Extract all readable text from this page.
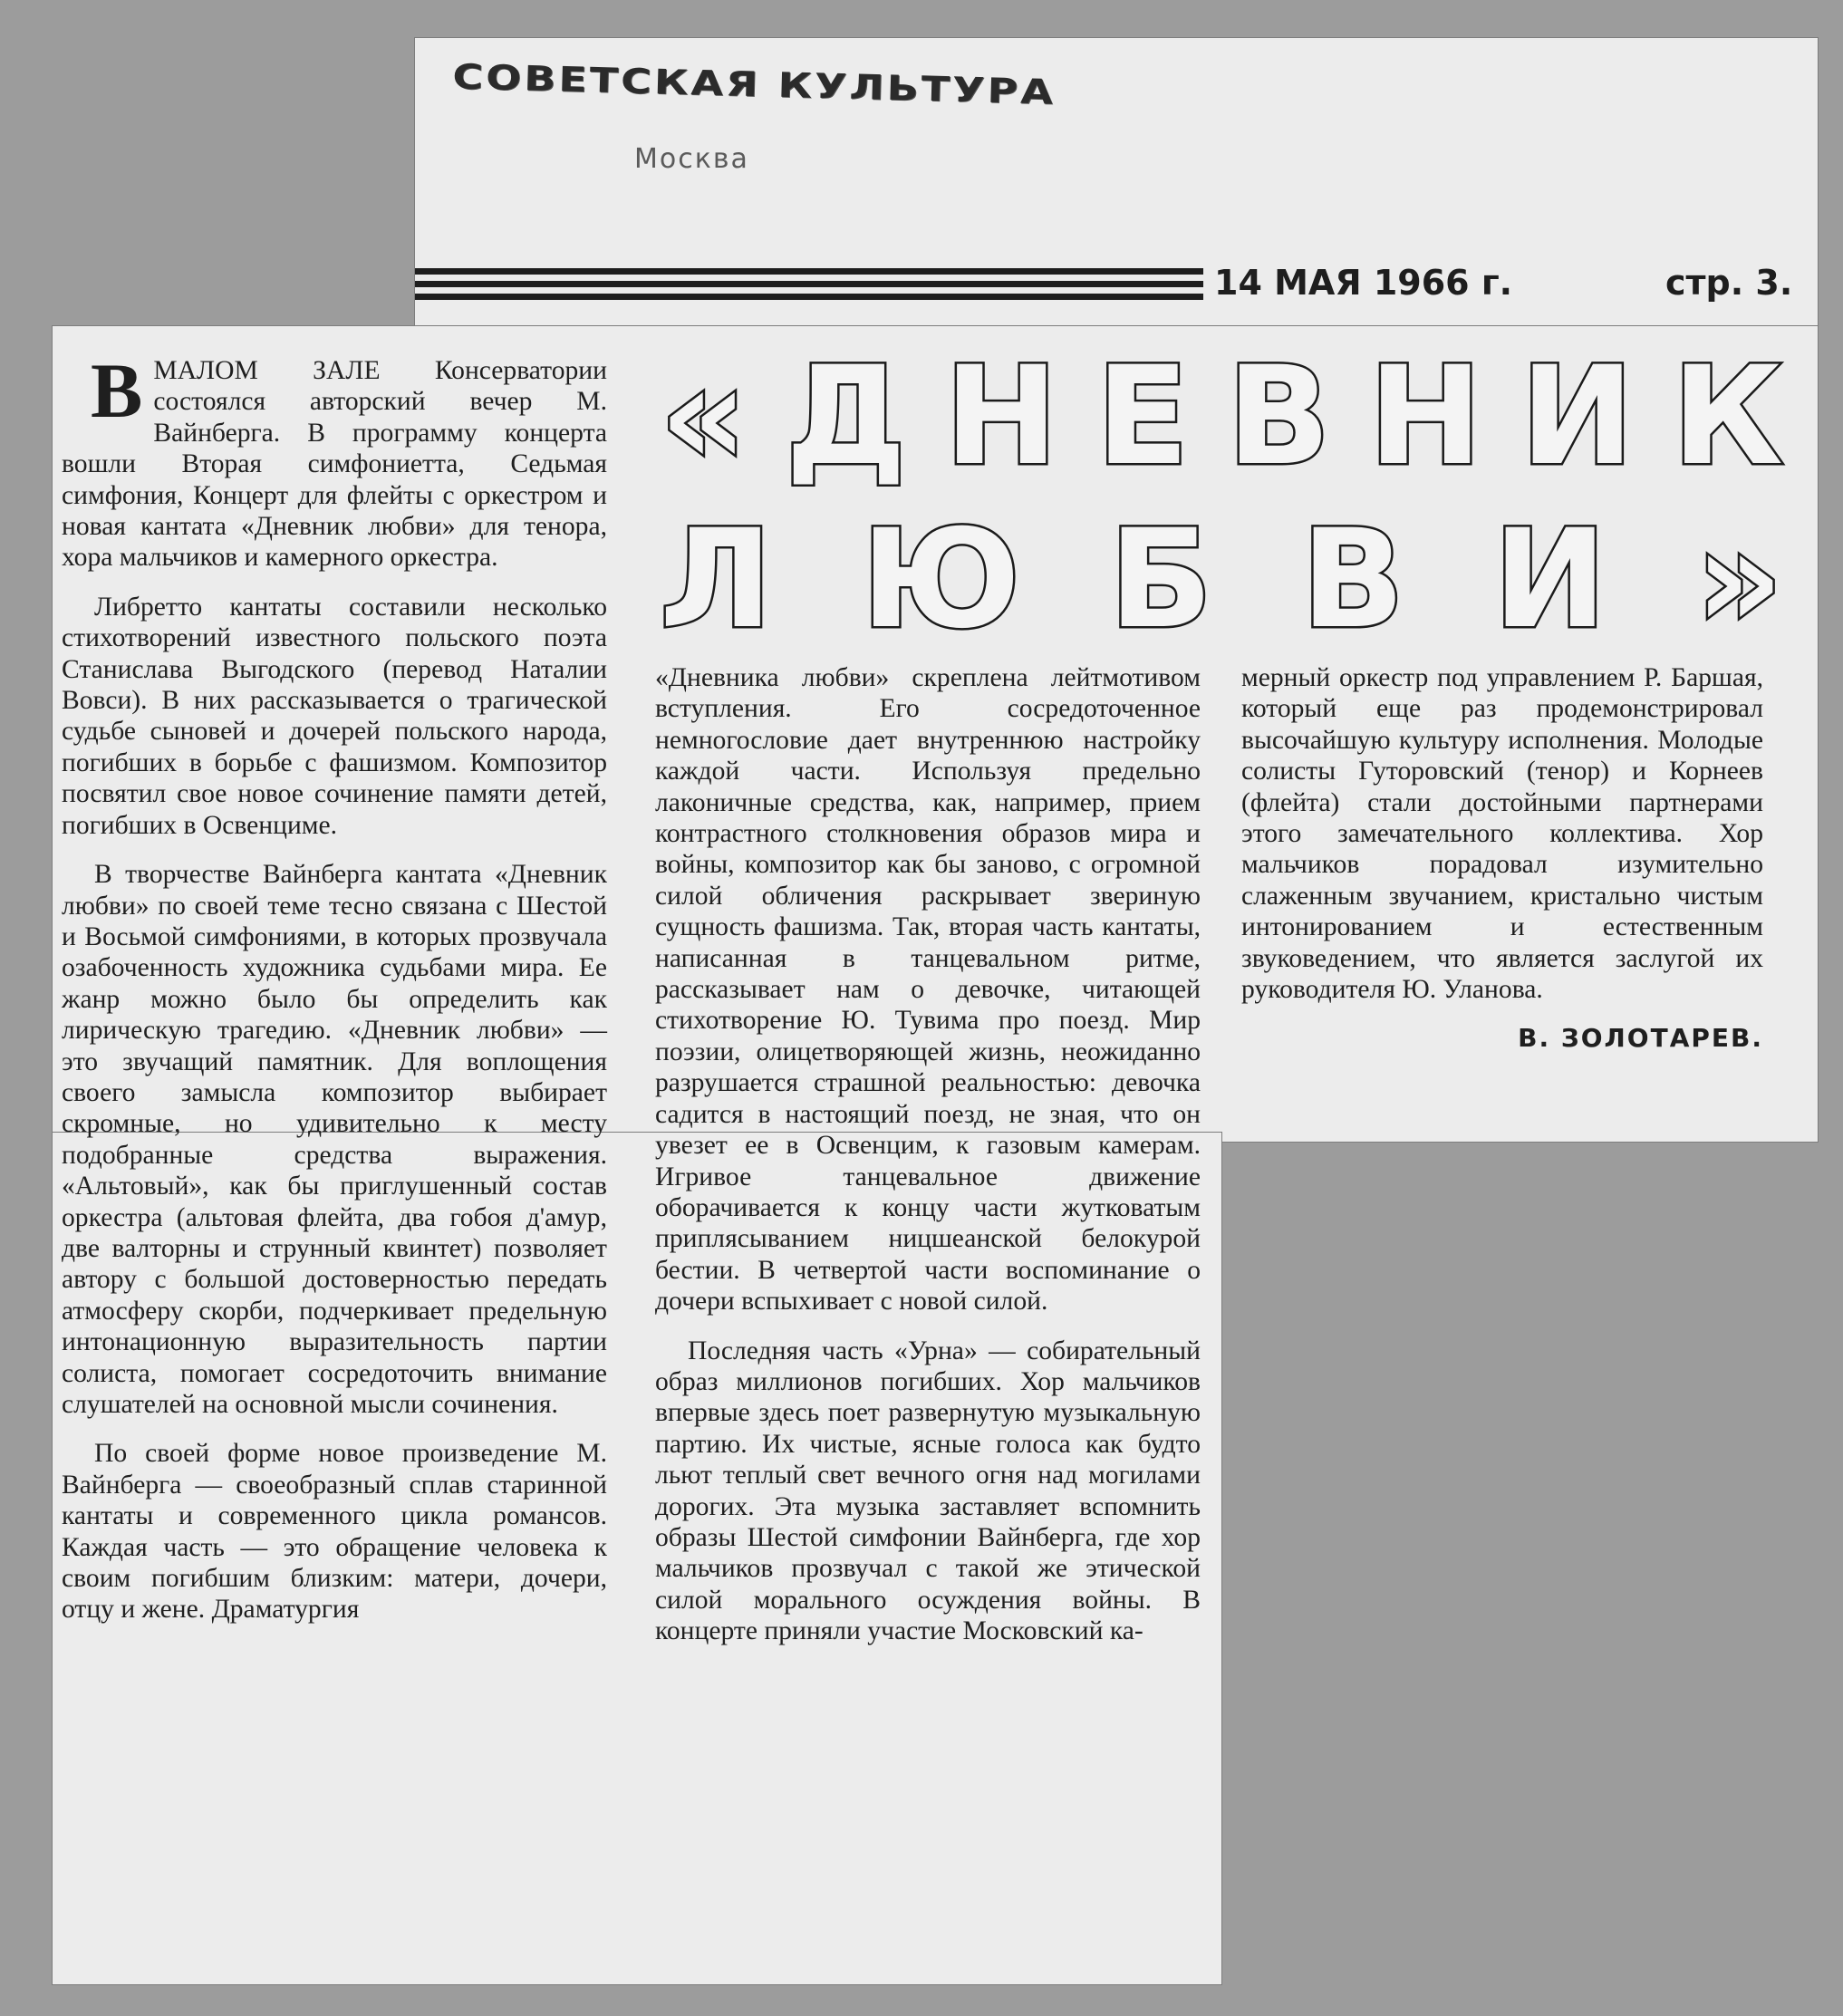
СОВЕТСКАЯ КУЛЬТУРА
Москва
14 МАЯ 1966 г.	стр. 3.
« Д Н Е В Н И К
Л Ю Б В И »

ВМАЛОМ ЗАЛЕ Консерватории состоялся авторский вечер М. Вайнберга. В программу концерта вошли Вторая симфониетта, Седьмая симфония, Концерт для флейты с оркестром и новая кантата «Дневник любви» для тенора, хора мальчиков и камерного оркестра.

Либретто кантаты составили несколько стихотворений известного польского поэта Станислава Выгодского (перевод Наталии Вовси). В них рассказывается о трагической судьбе сыновей и дочерей польского народа, погибших в борьбе с фашизмом. Композитор посвятил свое новое сочинение памяти детей, погибших в Освенциме.

В творчестве Вайнберга кантата «Дневник любви» по своей теме тесно связана с Шестой и Восьмой симфониями, в которых прозвучала озабоченность художника судьбами мира. Ее жанр можно было бы определить как лирическую трагедию. «Дневник любви» — это звучащий памятник. Для воплощения своего замысла композитор выбирает скромные, но удивительно к месту подобранные средства выражения. «Альтовый», как бы приглушенный состав оркестра (альтовая флейта, два гобоя д'амур, две валторны и струнный квинтет) позволяет автору с большой достоверностью передать атмосферу скорби, подчеркивает предельную интонационную выразительность партии солиста, помогает сосредоточить внимание слушателей на основной мысли сочинения.

По своей форме новое произведение М. Вайнберга — своеобразный сплав старинной кантаты и современного цикла романсов. Каждая часть — это обращение человека к своим погибшим близким: матери, дочери, отцу и жене. Драматургия

«Дневника любви» скреплена лейтмотивом вступления. Его сосредоточенное немногословие дает внутреннюю настройку каждой части. Используя предельно лаконичные средства, как, например, прием контрастного столкновения образов мира и войны, композитор как бы заново, с огромной силой обличения раскрывает звериную сущность фашизма. Так, вторая часть кантаты, написанная в танцевальном ритме, рассказывает нам о девочке, читающей стихотворение Ю. Тувима про поезд. Мир поэзии, олицетворяющей жизнь, неожиданно разрушается страшной реальностью: девочка садится в настоящий поезд, не зная, что он увезет ее в Освенцим, к газовым камерам. Игривое танцевальное движение оборачивается к концу части жутковатым приплясыванием ницшеанской белокурой бестии. В четвертой части воспоминание о дочери вспыхивает с новой силой.

Последняя часть «Урна» — собирательный образ миллионов погибших. Хор мальчиков впервые здесь поет развернутую музыкальную партию. Их чистые, ясные голоса как будто льют теплый свет вечного огня над могилами дорогих. Эта музыка заставляет вспомнить образы Шестой симфонии Вайнберга, где хор мальчиков прозвучал с такой же этической силой морального осуждения войны. В концерте приняли участие Московский ка-

мерный оркестр под управлением Р. Баршая, который еще раз продемонстрировал высочайшую культуру исполнения. Молодые солисты Гуторовский (тенор) и Корнеев (флейта) стали достойными партнерами этого замечательного коллектива. Хор мальчиков порадовал изумительно слаженным звучанием, кристально чистым интонированием и естественным звуковедением, что является заслугой их руководителя Ю. Уланова.

В. ЗОЛОТАРЕВ.
